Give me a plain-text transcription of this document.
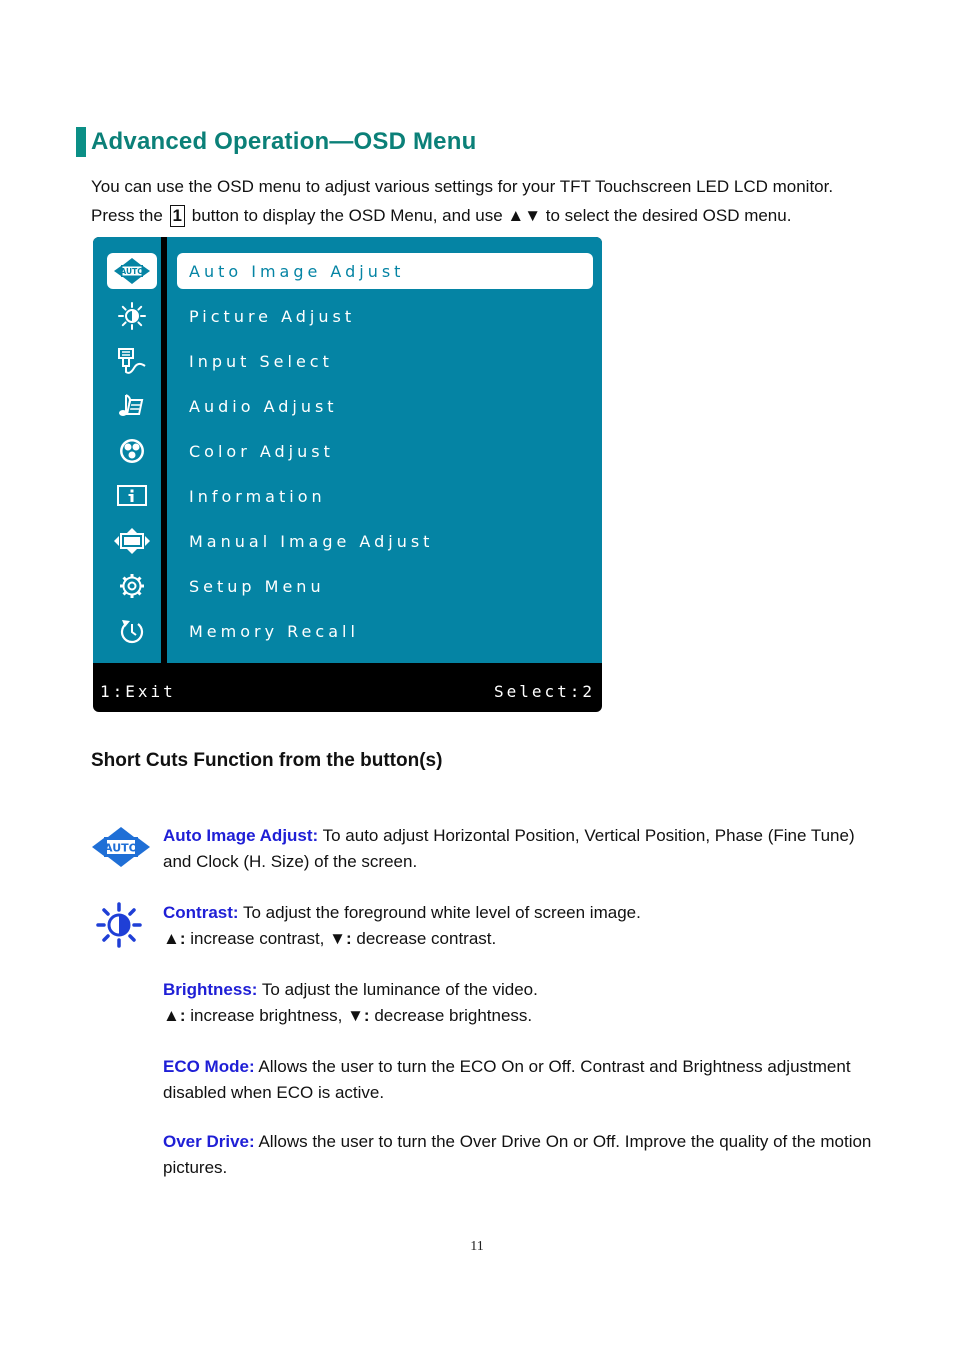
Advanced Operation—OSD Menu

You can use the OSD menu to adjust various settings for your TFT Touchscreen LED LCD monitor.

Press the 1 button to display the OSD Menu, and use ▲▼ to select the desired OSD menu.

AUTO	Auto Image Adjust
Picture Adjust
Input Select
Audio Adjust
Color Adjust
Information
Manual Image Adjust
Setup Menu
Memory Recall
1:Exit	Select:2
Short Cuts Function from the button(s)
AUTO

Auto Image Adjust: To auto adjust Horizontal Position, Vertical Position, Phase (Fine Tune) and Clock (H. Size) of the screen.

Contrast: To adjust the foreground white level of screen image.

▲: increase contrast, ▼: decrease contrast.

Brightness: To adjust the luminance of the video.

▲: increase brightness, ▼: decrease brightness.

ECO Mode: Allows the user to turn the ECO On or Off. Contrast and Brightness adjustment disabled when ECO is active.

Over Drive: Allows the user to turn the Over Drive On or Off. Improve the quality of the motion pictures.

11
